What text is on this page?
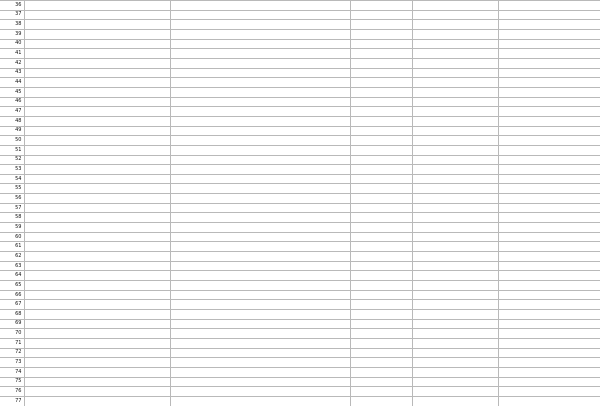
36					
37					
38					
39					
40					
41					
42					
43					
44					
45					
46					
47					
48					
49					
50					
51					
52					
53					
54					
55					
56					
57					
58					
59					
60					
61					
62					
63					
64					
65					
66					
67					
68					
69					
70					
71					
72					
73					
74					
75					
76					
77					
